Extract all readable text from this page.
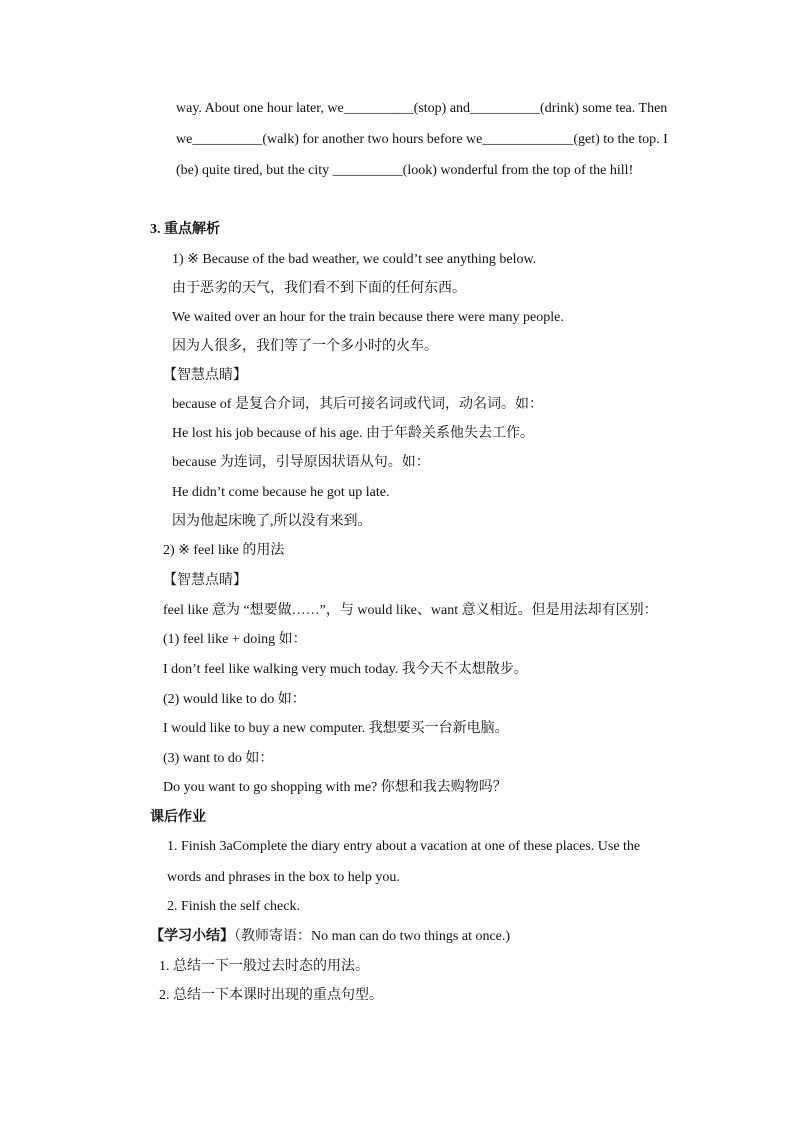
way. About one hour later, we__________(stop) and__________(drink) some tea. Then
we__________(walk) for another two hours before we_____________(get) to the top. I
(be) quite tired, but the city __________(look) wonderful from the top of the hill!
3. 重点解析
1) ※ Because of the bad weather, we could’t see anything below.
由于恶劣的天气，我们看不到下面的任何东西。
We waited over an hour for the train because there were many people.
因为人很多，我们等了一个多小时的火车。
【智慧点睛】
because of 是复合介词，其后可接名词或代词，动名词。如：
He lost his job because of his age. 由于年龄关系他失去工作。
because 为连词，引导原因状语从句。如：
He didn’t come because he got up late.
因为他起床晚了,所以没有来到。
2) ※ feel like 的用法
【智慧点睛】
feel like 意为 “想要做……”，与 would like、want 意义相近。但是用法却有区别：
(1) feel like + doing 如：
I don’t feel like walking very much today. 我今天不太想散步。
(2) would like to do 如：
I would like to buy a new computer. 我想要买一台新电脑。
(3) want to do 如：
Do you want to go shopping with me? 你想和我去购物吗？
课后作业
1. Finish 3aComplete the diary entry about a vacation at one of these places. Use the
words and phrases in the box to help you.
2. Finish the self check.
【学习小结】（教师寄语：No man can do two things at once.)
1. 总结一下一般过去时态的用法。
2. 总结一下本课时出现的重点句型。
